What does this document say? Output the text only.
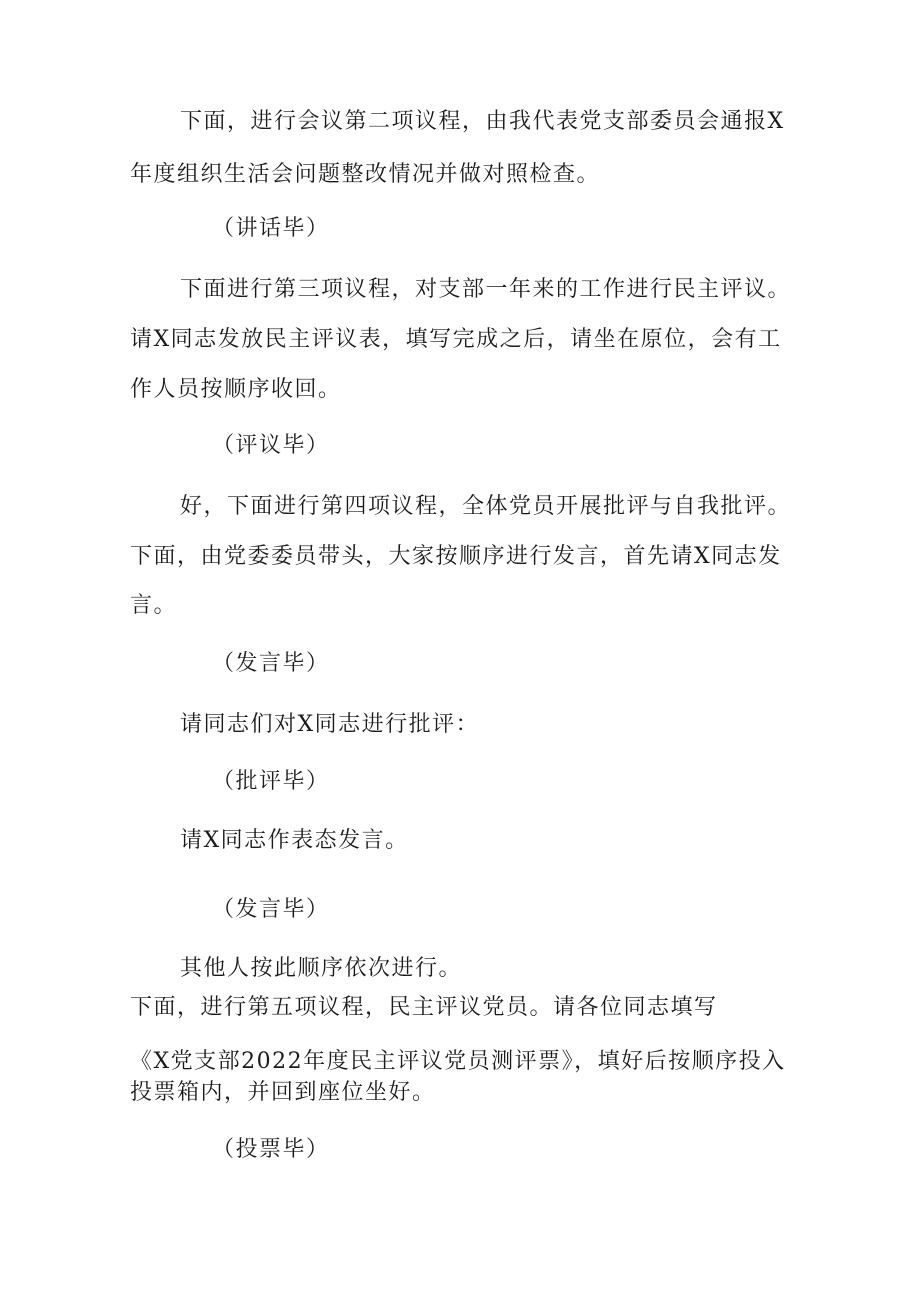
下面，进行会议第二项议程，由我代表党支部委员会通报X
年度组织生活会问题整改情况并做对照检查。
（讲话毕）
下面进行第三项议程，对支部一年来的工作进行民主评议。
请X同志发放民主评议表，填写完成之后，请坐在原位，会有工
作人员按顺序收回。
（评议毕）
好，下面进行第四项议程，全体党员开展批评与自我批评。
下面，由党委委员带头，大家按顺序进行发言，首先请X同志发
言。
（发言毕）
请同志们对X同志进行批评：
（批评毕）
请X同志作表态发言。
（发言毕）
其他人按此顺序依次进行。
下面，进行第五项议程，民主评议党员。请各位同志填写
《X党支部2022年度民主评议党员测评票》，填好后按顺序投入
投票箱内，并回到座位坐好。
（投票毕）
